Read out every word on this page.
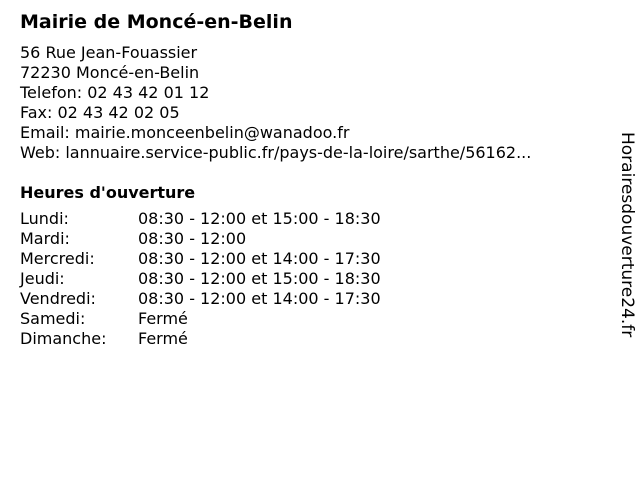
Mairie de Moncé-en-Belin
56 Rue Jean-Fouassier
72230 Moncé-en-Belin
Telefon: 02 43 42 01 12
Fax: 02 43 42 02 05
Email: mairie.monceenbelin@wanadoo.fr
Web: lannuaire.service-public.fr/pays-de-la-loire/sarthe/56162...
Heures d'ouverture
Lundi:	08:30 - 12:00 et 15:00 - 18:30
Mardi:	08:30 - 12:00
Mercredi:	08:30 - 12:00 et 14:00 - 17:30
Jeudi:	08:30 - 12:00 et 15:00 - 18:30
Vendredi:	08:30 - 12:00 et 14:00 - 17:30
Samedi:	Fermé
Dimanche:	Fermé
Horairesdouverture24.fr
